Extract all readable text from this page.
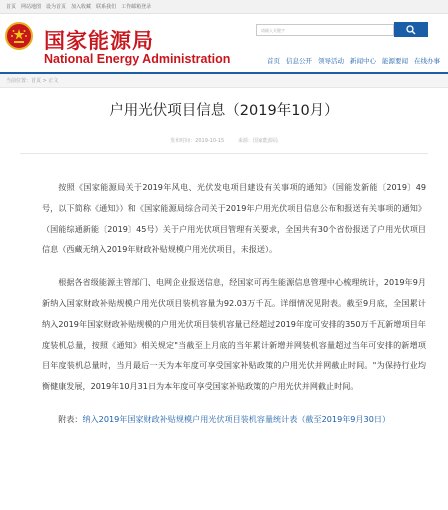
首页 网站地图 设为首页 加入收藏 联系我们 工作邮箱登录
国家能源局
National Energy Administration
请输入关键字
首页 信息公开 领导活动 新闻中心 能源要闻 在线办事
当前位置：首页 > 正文
户用光伏项目信息（2019年10月）
发布时间：2019-10-15	来源：国家能源局

按照《国家能源局关于2019年风电、光伏发电项目建设有关事项的通知》（国能发新能〔2019〕49号，以下简称《通知》）和《国家能源局综合司关于2019年户用光伏项目信息公布和报送有关事项的通知》（国能综通新能〔2019〕45号）关于户用光伏项目管理有关要求，全国共有30个省份报送了户用光伏项目信息（西藏无纳入2019年财政补贴规模户用光伏项目，未报送）。

根据各省级能源主管部门、电网企业报送信息，经国家可再生能源信息管理中心梳理统计，2019年9月新纳入国家财政补贴规模户用光伏项目装机容量为92.03万千瓦。详细情况见附表。截至9月底，全国累计纳入2019年国家财政补贴规模的户用光伏项目装机容量已经超过2019年度可安排的350万千瓦新增项目年度装机总量，按照《通知》相关规定"当截至上月底的当年累计新增并网装机容量超过当年可安排的新增项目年度装机总量时，当月最后一天为本年度可享受国家补贴政策的户用光伏并网截止时间。"为保持行业均衡健康发展，2019年10月31日为本年度可享受国家补贴政策的户用光伏并网截止时间。

附表：纳入2019年国家财政补贴规模户用光伏项目装机容量统计表（截至2019年9月30日）
